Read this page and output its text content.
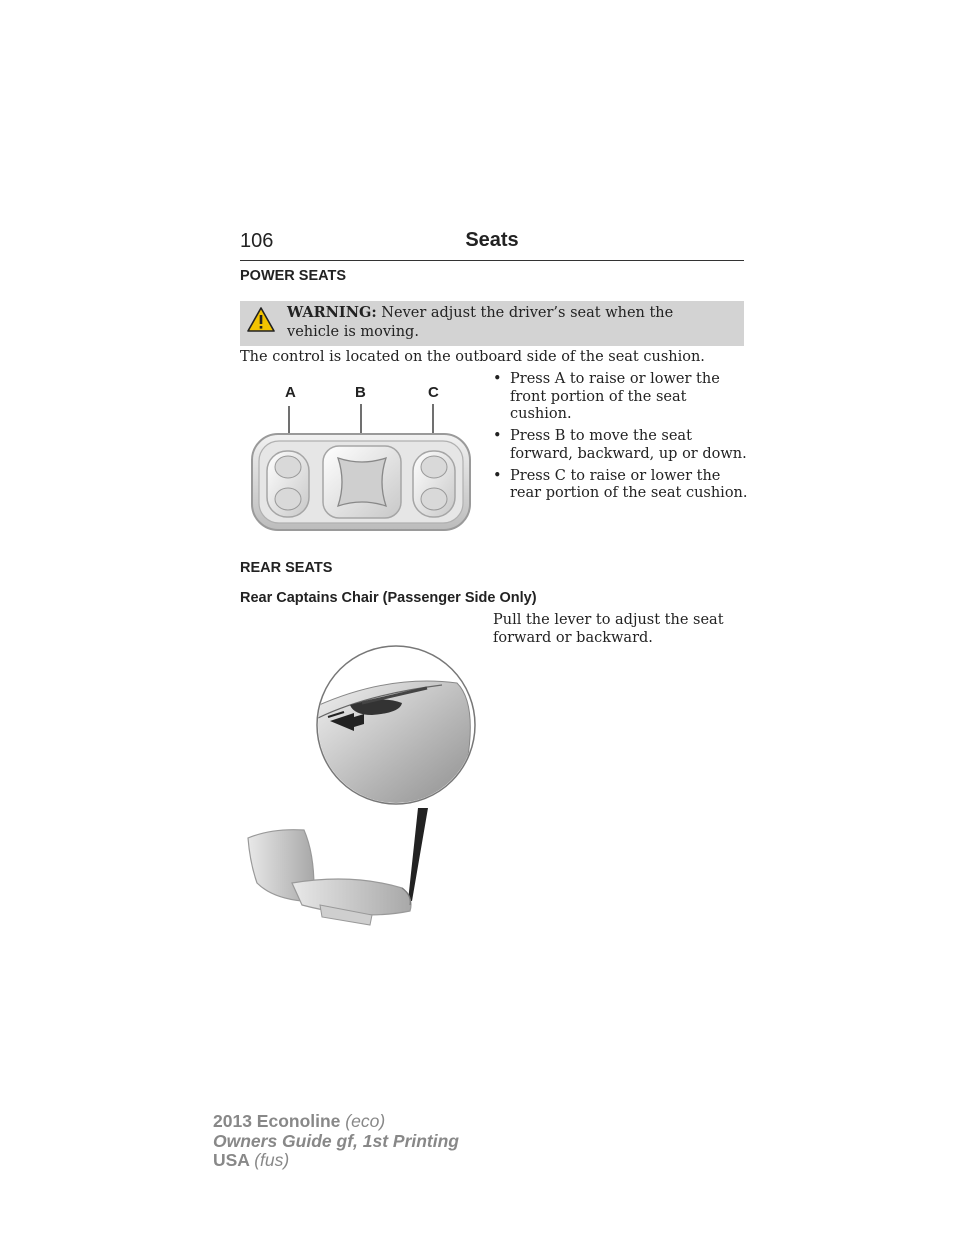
106	Seats
POWER SEATS
WARNING: Never adjust the driver’s seat when the vehicle is moving.
The control is located on the outboard side of the seat cushion.
A	B	C
• Press A to raise or lower the front portion of the seat cushion.
• Press B to move the seat forward, backward, up or down.
• Press C to raise or lower the rear portion of the seat cushion.
REAR SEATS
Rear Captains Chair (Passenger Side Only)
Pull the lever to adjust the seat forward or backward.
2013 Econoline (eco)
Owners Guide gf, 1st Printing
USA (fus)
